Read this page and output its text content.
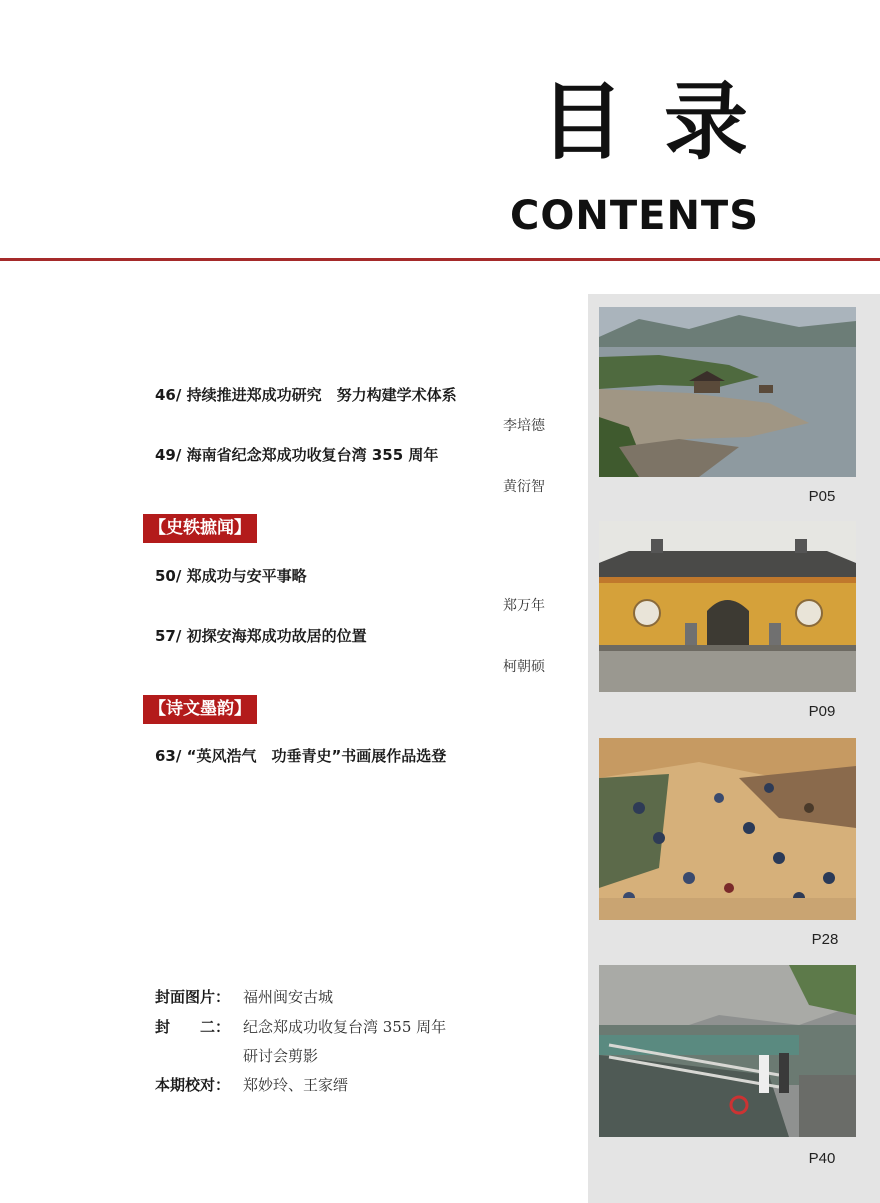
目录
CONTENTS
46/ 持续推进郑成功研究　努力构建学术体系
李培德
49/ 海南省纪念郑成功收复台湾 355 周年
黄衍智
【史轶摭闻】
50/ 郑成功与安平事略
郑万年
57/ 初探安海郑成功故居的位置
柯朝硕
【诗文墨韵】
63/ “英风浩气　功垂青史”书画展作品选登
封面图片： 福州闽安古城
封　　二： 纪念郑成功收复台湾 355 周年
研讨会剪影
本期校对： 郑妙玲、王家缙
P05
P09
P28
P40
